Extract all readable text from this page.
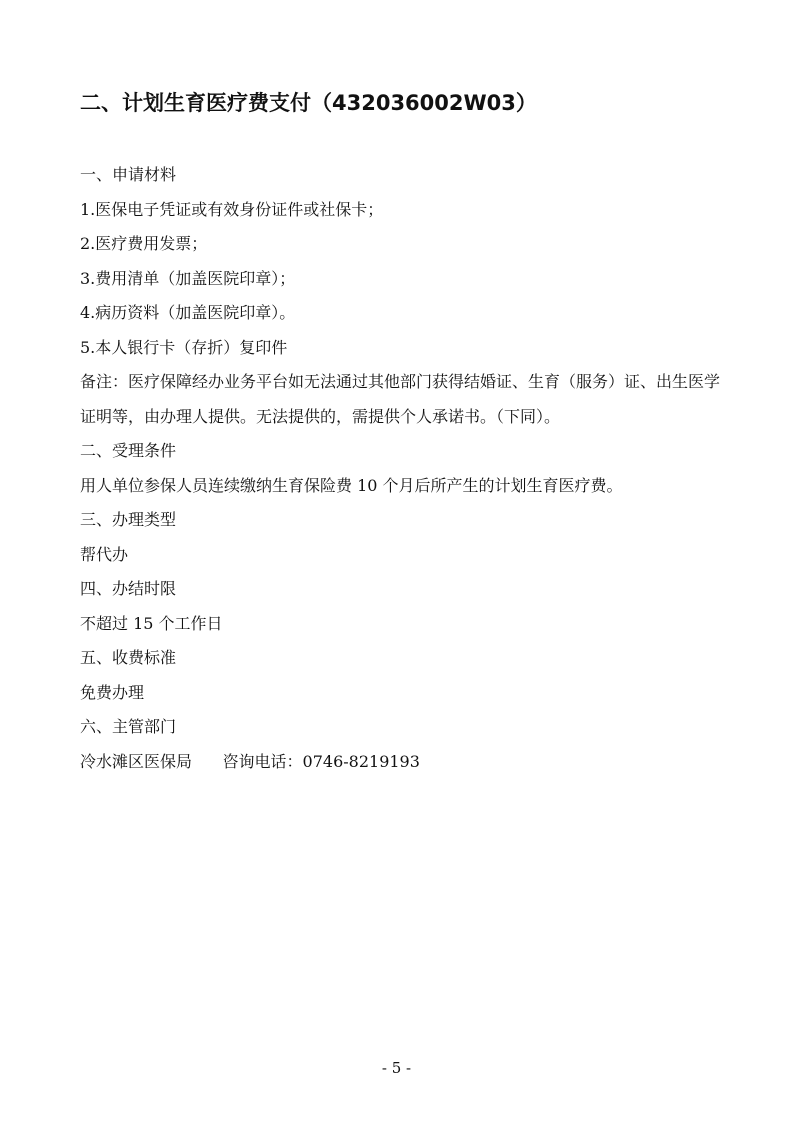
二、计划生育医疗费支付（432036002W03）

一、申请材料

1.医保电子凭证或有效身份证件或社保卡；

2.医疗费用发票；

3.费用清单（加盖医院印章）；

4.病历资料（加盖医院印章）。

5.本人银行卡（存折）复印件

备注：医疗保障经办业务平台如无法通过其他部门获得结婚证、生育（服务）证、出生医学证明等，由办理人提供。无法提供的，需提供个人承诺书。（下同）。

二、受理条件

用人单位参保人员连续缴纳生育保险费 10 个月后所产生的计划生育医疗费。

三、办理类型

帮代办

四、办结时限

不超过 15 个工作日

五、收费标准

免费办理

六、主管部门

冷水滩区医保局 咨询电话：0746-8219193

- 5 -
